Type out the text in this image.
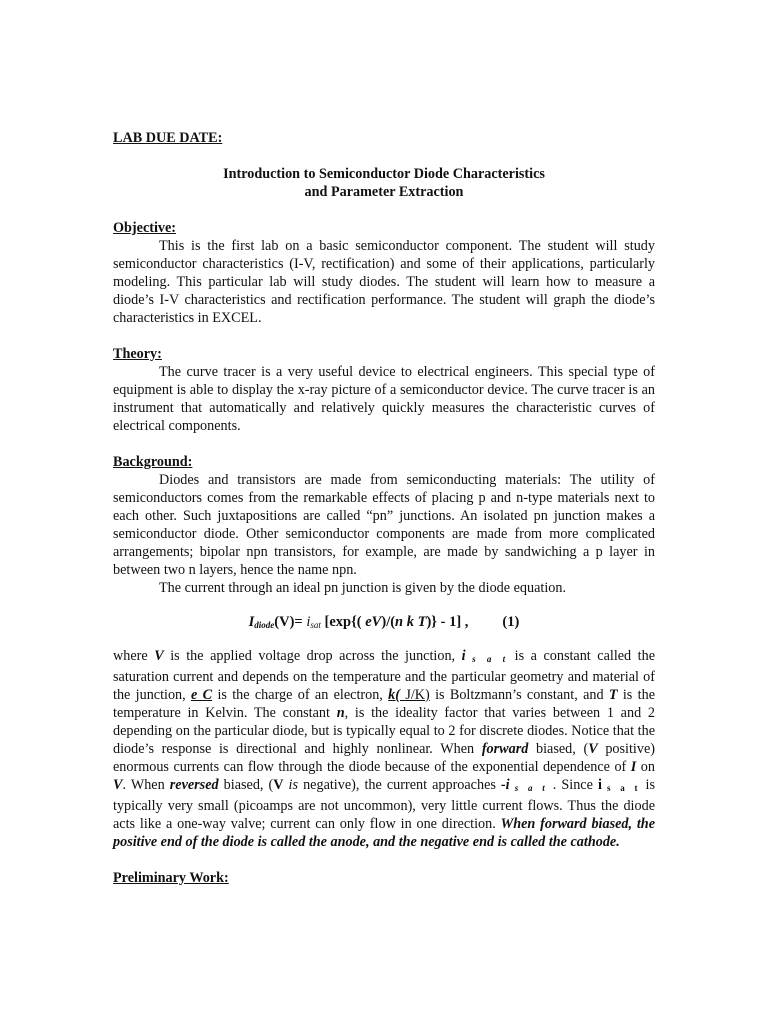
LAB DUE DATE:

Introduction to Semiconductor Diode Characteristics
and Parameter Extraction

Objective:

This is the first lab on a basic semiconductor component. The student will study semiconductor characteristics (I-V, rectification) and some of their applications, particularly modeling. This particular lab will study diodes. The student will learn how to measure a diode’s I-V characteristics and rectification performance. The student will graph the diode’s characteristics in EXCEL.

Theory:

The curve tracer is a very useful device to electrical engineers. This special type of equipment is able to display the x-ray picture of a semiconductor device. The curve tracer is an instrument that automatically and relatively quickly measures the characteristic curves of electrical components.

Background:

Diodes and transistors are made from semiconducting materials: The utility of semiconductors comes from the remarkable effects of placing p and n-type materials next to each other. Such juxtapositions are called “pn” junctions. An isolated pn junction makes a semiconductor diode. Other semiconductor components are made from more complicated arrangements; bipolar npn transistors, for example, are made by sandwiching a p layer in between two n layers, hence the name npn.

The current through an ideal pn junction is given by the diode equation.

$I_{diode}(V)= i_{sat}$ [exp{( eV)/(n k T)} - 1] , (1)

where V is the applied voltage drop across the junction, i s a t is a constant called the saturation current and depends on the temperature and the particular geometry and material of the junction, e C is the charge of an electron, k( J/K) is Boltzmann’s constant, and T is the temperature in Kelvin. The constant n, is the ideality factor that varies between 1 and 2 depending on the particular diode, but is typically equal to 2 for discrete diodes. Notice that the diode’s response is directional and highly nonlinear. When forward biased, (V positive) enormous currents can flow through the diode because of the exponential dependence of I on V. When reversed biased, (V is negative), the current approaches -i s a t . Since i s a t is typically very small (picoamps are not uncommon), very little current flows. Thus the diode acts like a one-way valve; current can only flow in one direction. When forward biased, the positive end of the diode is called the anode, and the negative end is called the cathode.

Preliminary Work:
